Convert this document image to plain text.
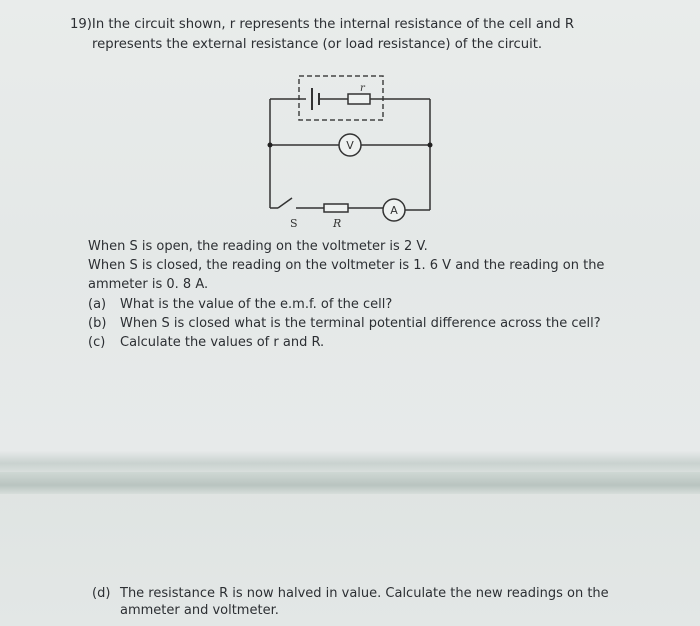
19)In the circuit shown, r represents the internal resistance of the cell and R
represents the external resistance (or load resistance) of the circuit.
r
V
A
S	R
When S is open, the reading on the voltmeter is 2 V.
When S is closed, the reading on the voltmeter is 1. 6 V and the reading on the
ammeter is 0. 8 A.
(a) What is the value of the e.m.f. of the cell?
(b) When S is closed what is the terminal potential difference across the cell?
(c) Calculate the values of r and R.
(d) The resistance R is now halved in value. Calculate the new readings on the
ammeter and voltmeter.
